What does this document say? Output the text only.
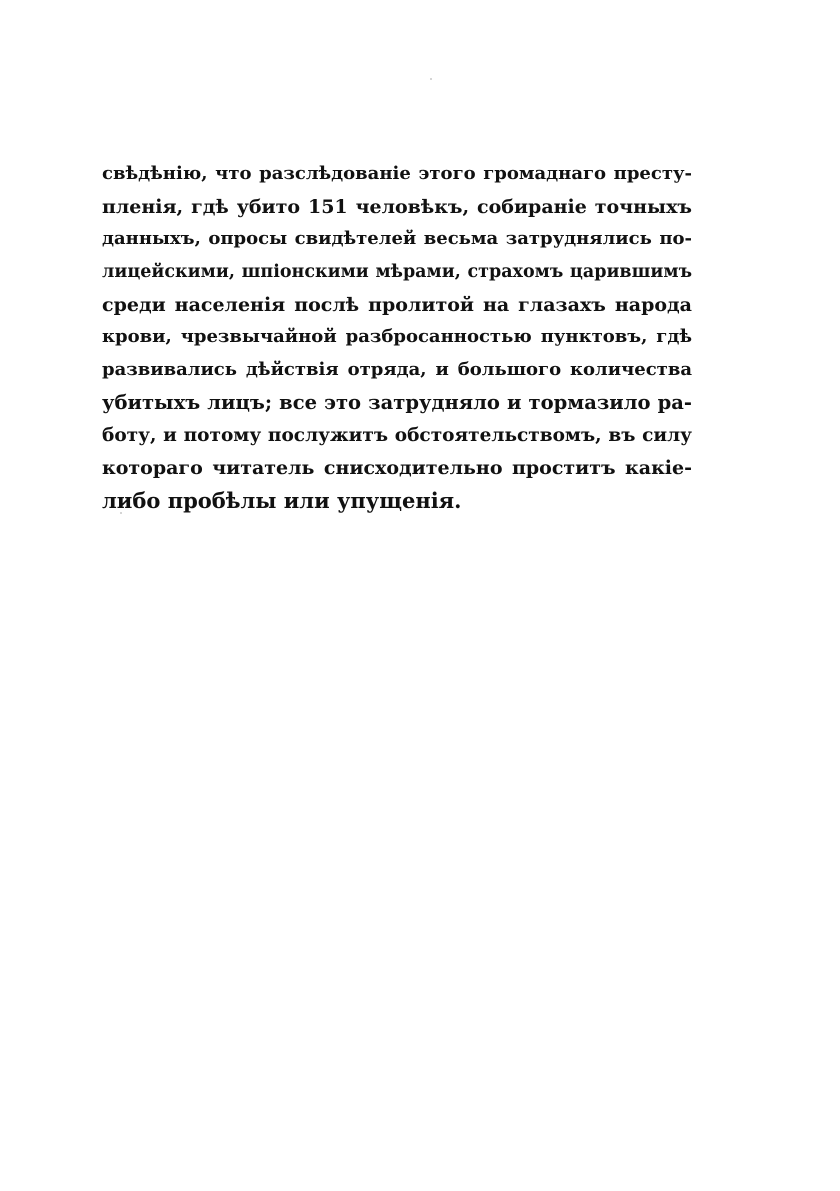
свѣдѣнію, что разслѣдованіе этого громаднаго престу-
пленія, гдѣ убито 151 человѣкъ, собираніе точныхъ
данныхъ, опросы свидѣтелей весьма затруднялись по-
лицейскими, шпіонскими мѣрами, страхомъ царившимъ
среди населенія послѣ пролитой на глазахъ народа
крови, чрезвычайной разбросанностью пунктовъ, гдѣ
развивались дѣйствія отряда, и большого количества
убитыхъ лицъ; все это затрудняло и тормазило ра-
боту, и потому послужитъ обстоятельствомъ, въ силу
котораго читатель снисходительно проститъ какіе-
либо пробѣлы или упущенія.
